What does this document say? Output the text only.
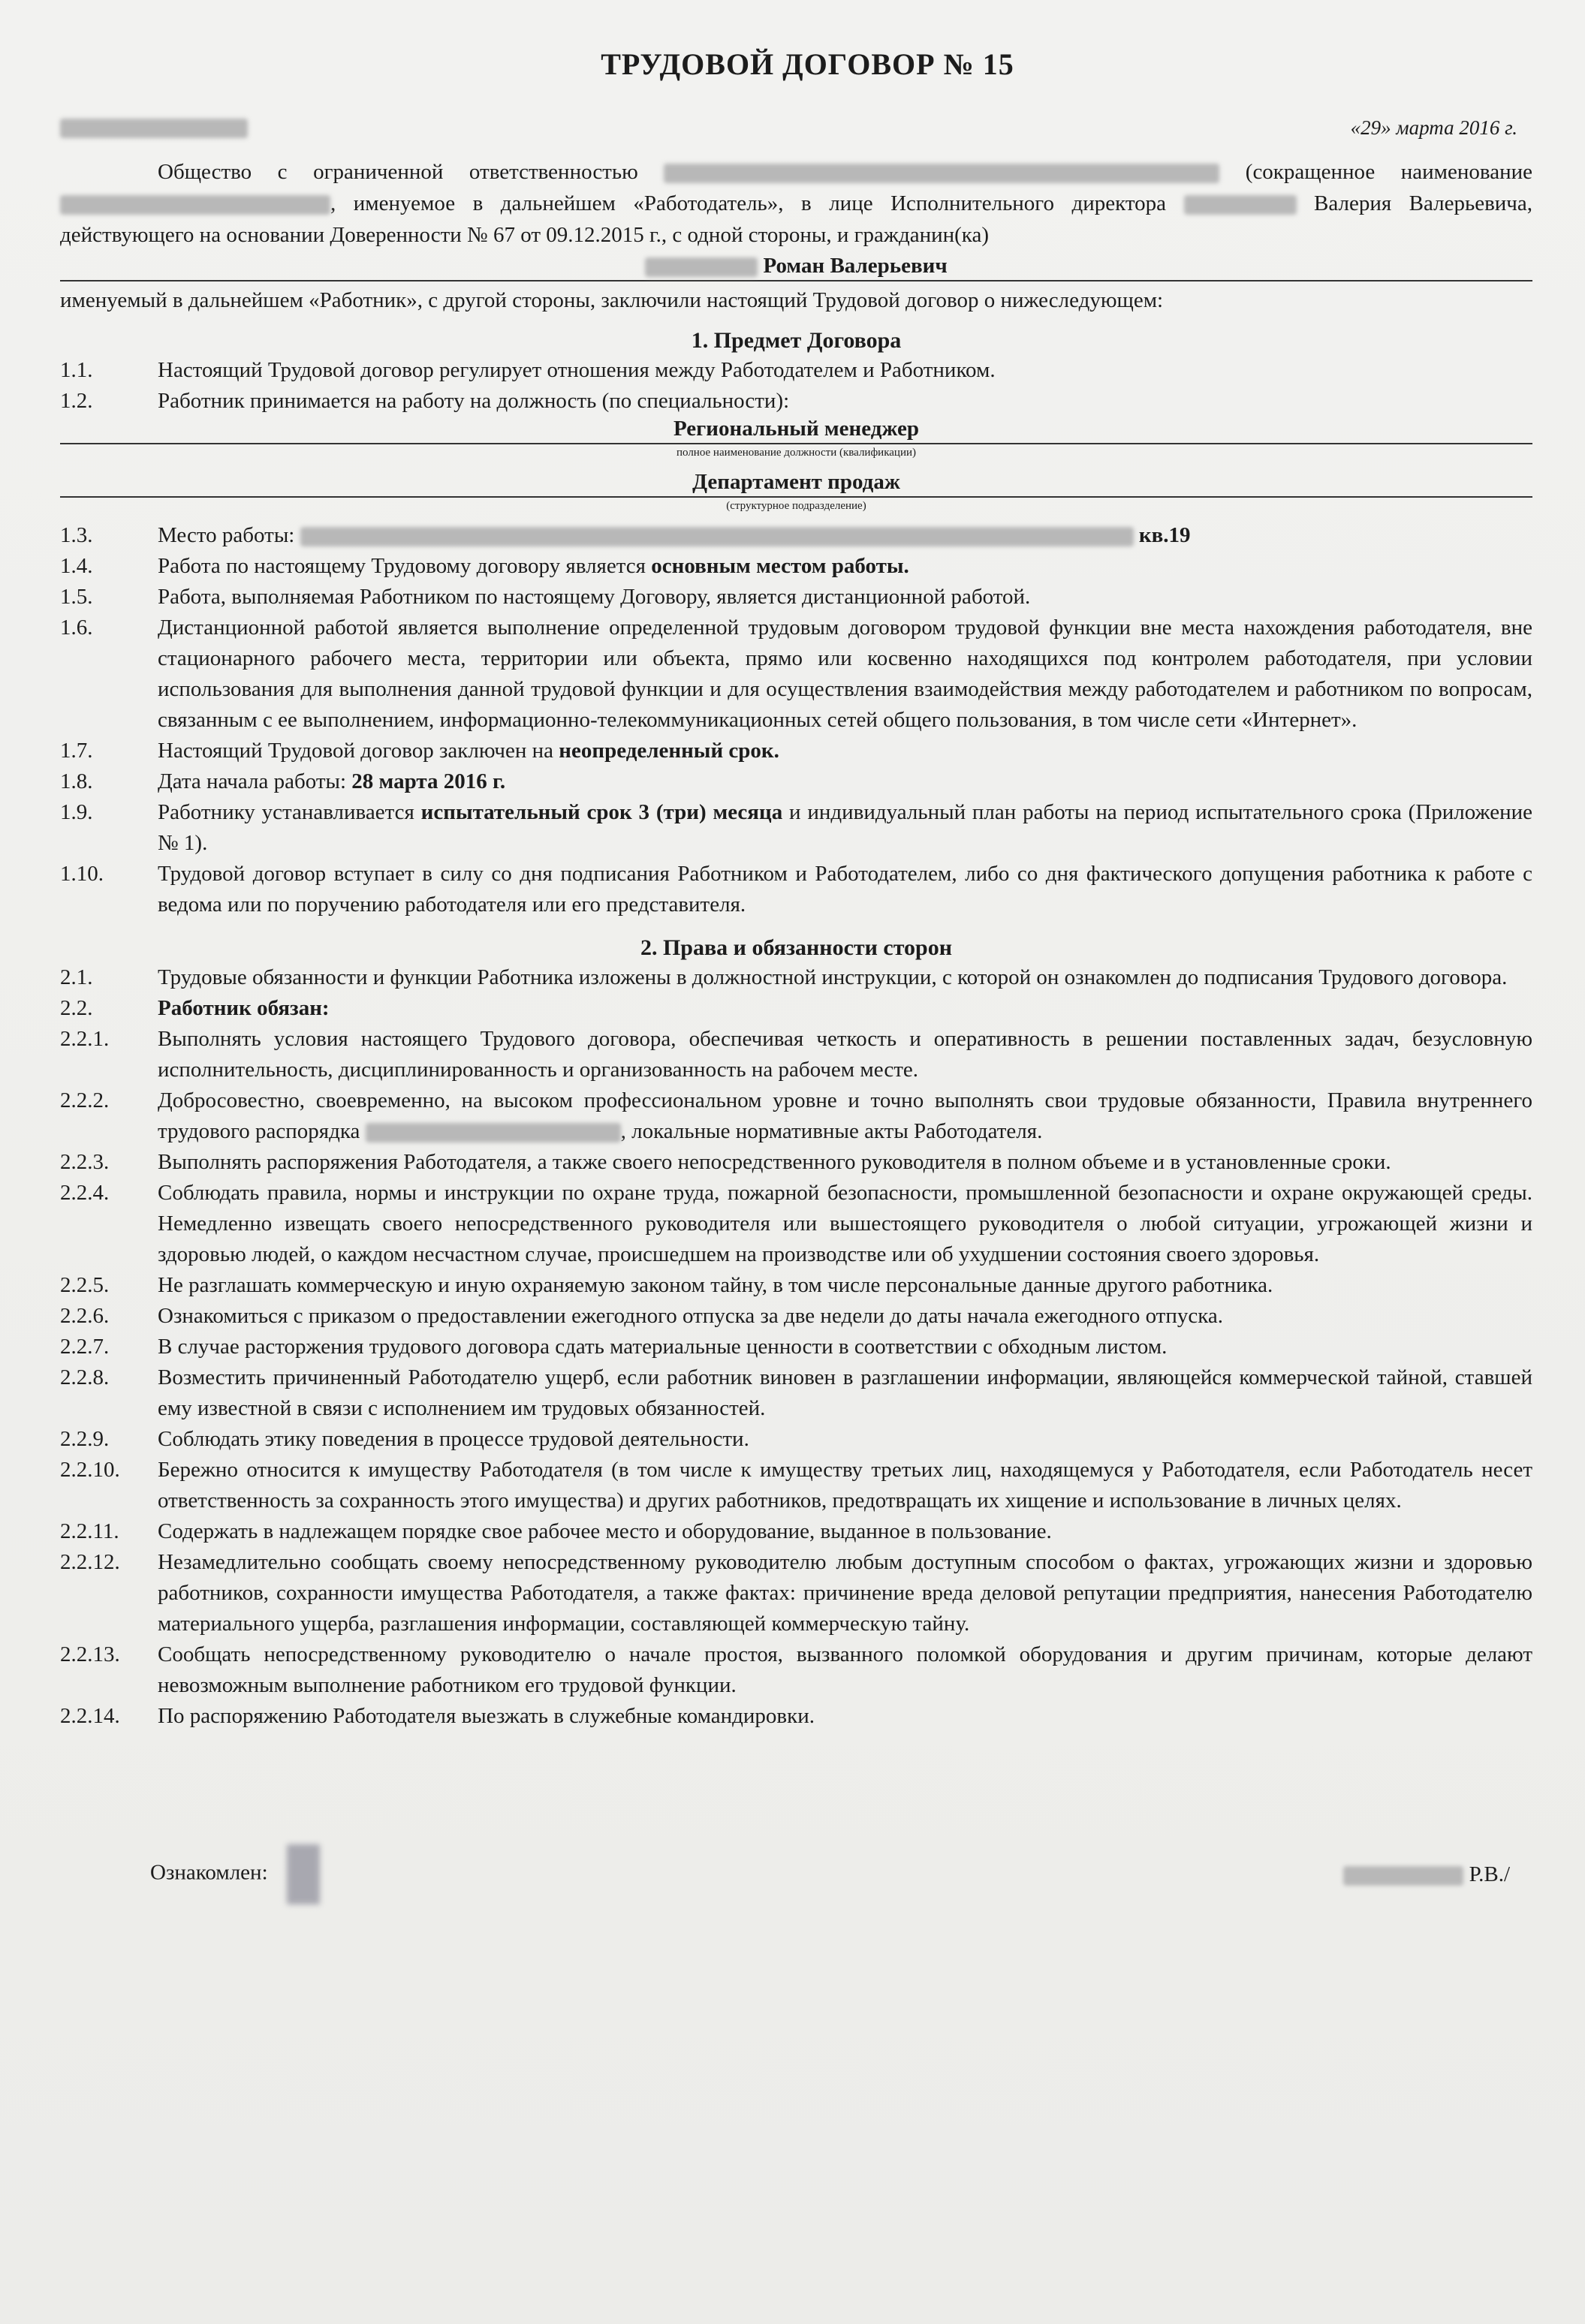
ТРУДОВОЙ ДОГОВОР № 15
«29» марта 2016 г.
Общество с ограниченной ответственностью	(сокращенное наименование , именуемое в дальнейшем «Работодатель», в лице Исполнительного директора	Валерия Валерьевича, действующего на основании Доверенности № 67 от 09.12.2015 г., с одной стороны, и гражданин(ка)
Роман Валерьевич
именуемый в дальнейшем «Работник», с другой стороны, заключили настоящий Трудовой договор о нижеследующем:
1. Предмет Договора
1.1.	Настоящий Трудовой договор регулирует отношения между Работодателем и Работником.
1.2.	Работник принимается на работу на должность (по специальности):
Региональный менеджер
полное наименование должности (квалификации)
Департамент продаж
(структурное подразделение)
1.3.	Место работы:	кв.19
1.4.	Работа по настоящему Трудовому договору является основным местом работы.
1.5.	Работа, выполняемая Работником по настоящему Договору, является дистанционной работой.
1.6.	Дистанционной работой является выполнение определенной трудовым договором трудовой функции вне места нахождения работодателя, вне стационарного рабочего места, территории или объекта, прямо или косвенно находящихся под контролем работодателя, при условии использования для выполнения данной трудовой функции и для осуществления взаимодействия между работодателем и работником по вопросам, связанным с ее выполнением, информационно-телекоммуникационных сетей общего пользования, в том числе сети «Интернет».
1.7.	Настоящий Трудовой договор заключен на неопределенный срок.
1.8.	Дата начала работы: 28 марта 2016 г.
1.9.	Работнику устанавливается испытательный срок 3 (три) месяца и индивидуальный план работы на период испытательного срока (Приложение № 1).
1.10.	Трудовой договор вступает в силу со дня подписания Работником и Работодателем, либо со дня фактического допущения работника к работе с ведома или по поручению работодателя или его представителя.
2. Права и обязанности сторон
2.1.	Трудовые обязанности и функции Работника изложены в должностной инструкции, с которой он ознакомлен до подписания Трудового договора.
2.2.	Работник обязан:
2.2.1.	Выполнять условия настоящего Трудового договора, обеспечивая четкость и оперативность в решении поставленных задач, безусловную исполнительность, дисциплинированность и организованность на рабочем месте.
2.2.2.	Добросовестно, своевременно, на высоком профессиональном уровне и точно выполнять свои трудовые обязанности, Правила внутреннего трудового распорядка	, локальные нормативные акты Работодателя.
2.2.3.	Выполнять распоряжения Работодателя, а также своего непосредственного руководителя в полном объеме и в установленные сроки.
2.2.4.	Соблюдать правила, нормы и инструкции по охране труда, пожарной безопасности, промышленной безопасности и охране окружающей среды. Немедленно извещать своего непосредственного руководителя или вышестоящего руководителя о любой ситуации, угрожающей жизни и здоровью людей, о каждом несчастном случае, происшедшем на производстве или об ухудшении состояния своего здоровья.
2.2.5.	Не разглашать коммерческую и иную охраняемую законом тайну, в том числе персональные данные другого работника.
2.2.6.	Ознакомиться с приказом о предоставлении ежегодного отпуска за две недели до даты начала ежегодного отпуска.
2.2.7.	В случае расторжения трудового договора сдать материальные ценности в соответствии с обходным листом.
2.2.8.	Возместить причиненный Работодателю ущерб, если работник виновен в разглашении информации, являющейся коммерческой тайной, ставшей ему известной в связи с исполнением им трудовых обязанностей.
2.2.9.	Соблюдать этику поведения в процессе трудовой деятельности.
2.2.10.	Бережно относится к имуществу Работодателя (в том числе к имуществу третьих лиц, находящемуся у Работодателя, если Работодатель несет ответственность за сохранность этого имущества) и других работников, предотвращать их хищение и использование в личных целях.
2.2.11.	Содержать в надлежащем порядке свое рабочее место и оборудование, выданное в пользование.
2.2.12.	Незамедлительно сообщать своему непосредственному руководителю любым доступным способом о фактах, угрожающих жизни и здоровью работников, сохранности имущества Работодателя, а также фактах: причинение вреда деловой репутации предприятия, нанесения Работодателю материального ущерба, разглашения информации, составляющей коммерческую тайну.
2.2.13.	Сообщать непосредственному руководителю о начале простоя, вызванного поломкой оборудования и другим причинам, которые делают невозможным выполнение работником его трудовой функции.
2.2.14.	По распоряжению Работодателя выезжать в служебные командировки.
Ознакомлен:	Р.В./
